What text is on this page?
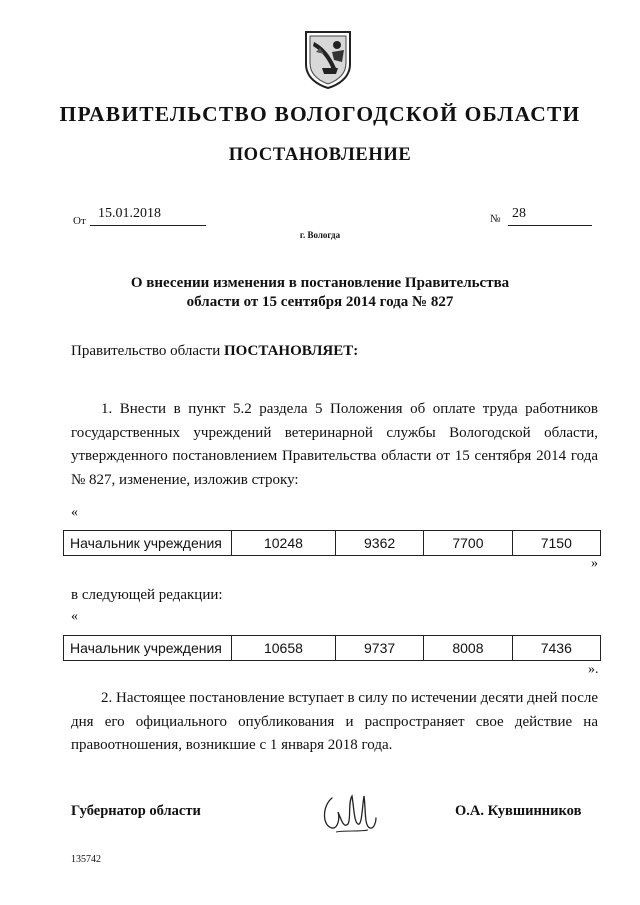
ПРАВИТЕЛЬСТВО ВОЛОГОДСКОЙ ОБЛАСТИ
ПОСТАНОВЛЕНИЕ
От 15.01.2018	№ 28
г. Вологда
О внесении изменения в постановление Правительства
области от 15 сентября 2014 года № 827
Правительство области ПОСТАНОВЛЯЕТ:
1. Внести в пункт 5.2 раздела 5 Положения об оплате труда работников государственных учреждений ветеринарной службы Вологодской области, утвержденного постановлением Правительства области от 15 сентября 2014 года № 827, изменение, изложив строку:
«
Начальник учреждения	10248	9362	7700	7150
»
в следующей редакции:
«
Начальник учреждения	10658	9737	8008	7436
».
2. Настоящее постановление вступает в силу по истечении десяти дней после дня его официального опубликования и распространяет свое действие на правоотношения, возникшие с 1 января 2018 года.
Губернатор области	О.А. Кувшинников
135742
